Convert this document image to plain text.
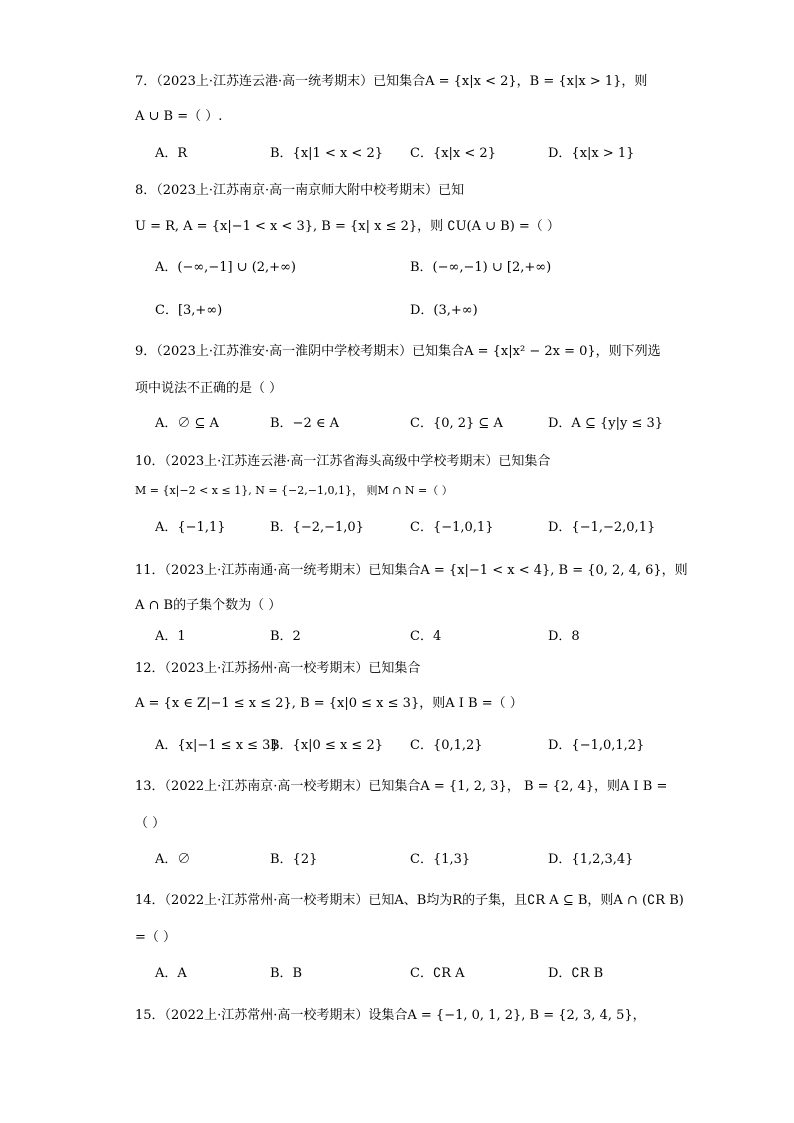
7．（2023上·江苏连云港·高一统考期末）已知集合A = {x|x < 2}，B = {x|x > 1}，则
A ∪ B =（ ）.
A．R	B．{x|1 < x < 2} C．{x|x < 2}	D．{x|x > 1}
8．（2023上·江苏南京·高一南京师大附中校考期末）已知
U = R, A = {x|−1 < x < 3}, B = {x| x ≤ 2}，则 ∁U(A ∪ B) =（ ）
A．(−∞,−1] ∪ (2,+∞)	B．(−∞,−1) ∪ [2,+∞)
C．[3,+∞)	D．(3,+∞)
9．（2023上·江苏淮安·高一淮阴中学校考期末）已知集合A = {x|x² − 2x = 0}，则下列选
项中说法不正确的是（ ）
A．∅ ⊆ A	B．−2 ∈ A	C．{0, 2} ⊆ A	D．A ⊆ {y|y ≤ 3}
10．（2023上·江苏连云港·高一江苏省海头高级中学校考期末）已知集合
M = {x|−2 < x ≤ 1}, N = {−2,−1,0,1}， 则M ∩ N =（ ）
A．{−1,1}	B．{−2,−1,0}	C．{−1,0,1}	D．{−1,−2,0,1}
11．（2023上·江苏南通·高一统考期末）已知集合A = {x|−1 < x < 4}, B = {0, 2, 4, 6}，则
A ∩ B的子集个数为（ ）
A．1	B．2	C．4	D．8
12．（2023上·江苏扬州·高一校考期末）已知集合
A = {x ∈ Z|−1 ≤ x ≤ 2}, B = {x|0 ≤ x ≤ 3}，则A I B =（ ）
A．{x|−1 ≤ x ≤ 3}
B．{x|0 ≤ x ≤ 2} C．{0,1,2}	D．{−1,0,1,2}
13．（2022上·江苏南京·高一校考期末）已知集合A = {1, 2, 3}， B = {2, 4}，则A I B =
（ ）
A．∅	B．{2}	C．{1,3}	D．{1,2,3,4}
14．（2022上·江苏常州·高一校考期末）已知A、B均为R的子集，且∁R A ⊆ B，则A ∩ (∁R B)
=（ ）
A．A	B．B	C．∁R A	D．∁R B
15．（2022上·江苏常州·高一校考期末）设集合A = {−1, 0, 1, 2}, B = {2, 3, 4, 5}，
